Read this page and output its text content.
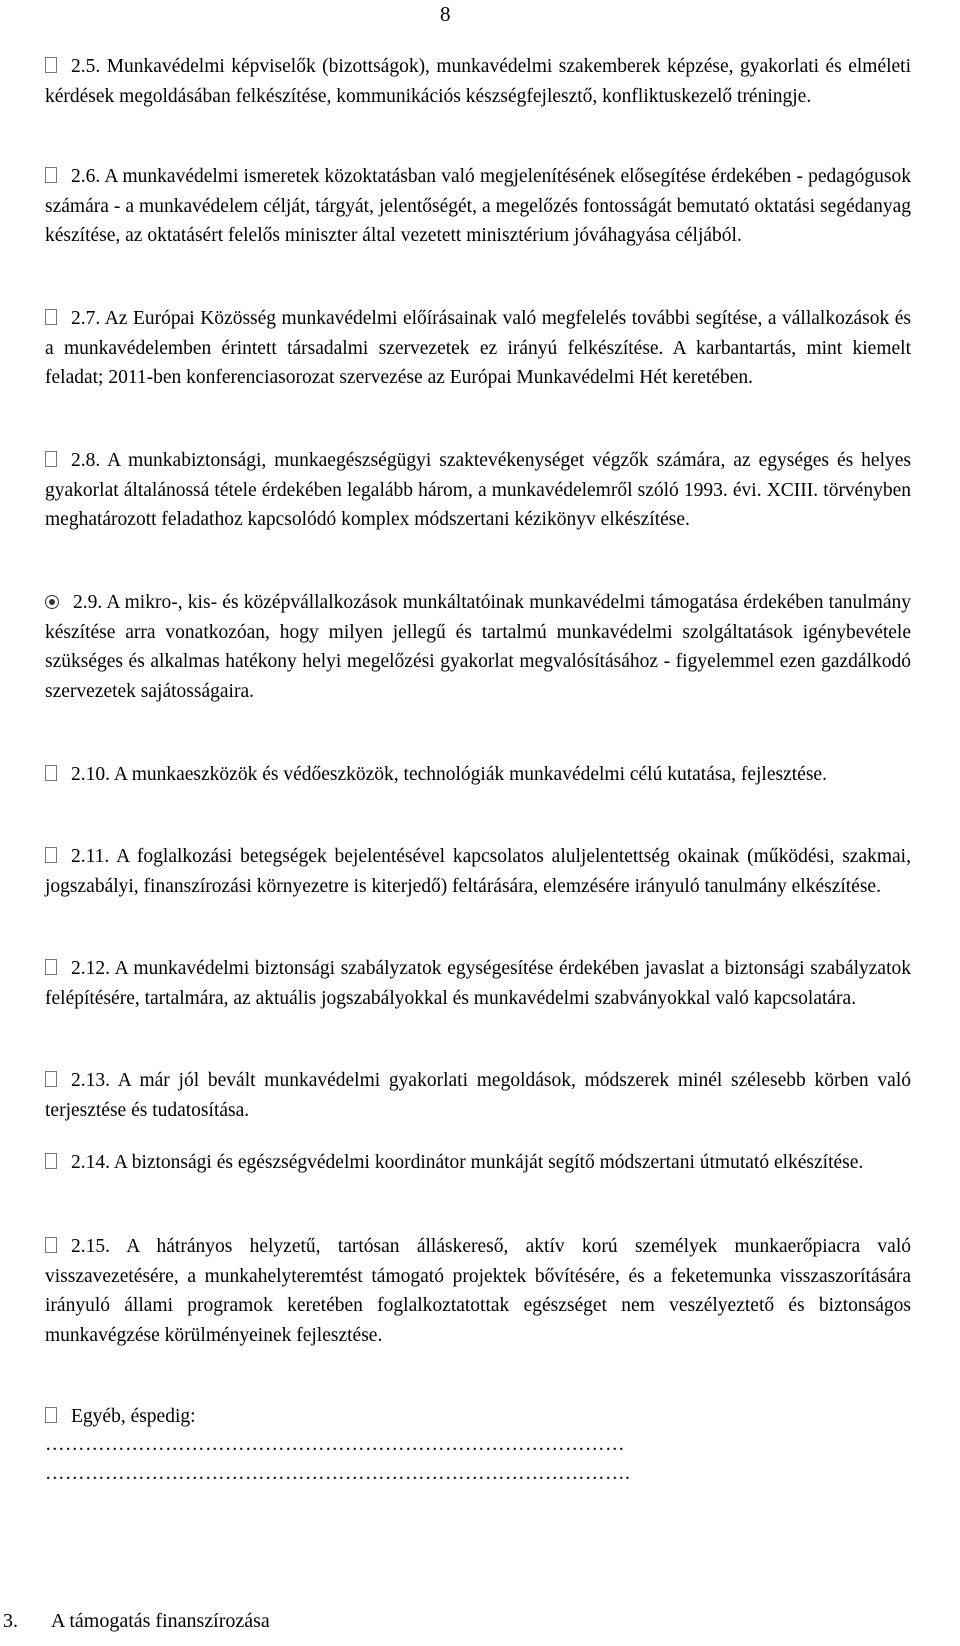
8

2.5. Munkavédelmi képviselők (bizottságok), munkavédelmi szakemberek képzése, gyakorlati és elméleti kérdések megoldásában felkészítése, kommunikációs készségfejlesztő, konfliktuskezelő tréningje.

2.6. A munkavédelmi ismeretek közoktatásban való megjelenítésének elősegítése érdekében - pedagógusok számára - a munkavédelem célját, tárgyát, jelentőségét, a megelőzés fontosságát bemutató oktatási segédanyag készítése, az oktatásért felelős miniszter által vezetett minisztérium jóváhagyása céljából.

2.7. Az Európai Közösség munkavédelmi előírásainak való megfelelés további segítése, a vállalkozások és a munkavédelemben érintett társadalmi szervezetek ez irányú felkészítése. A karbantartás, mint kiemelt feladat; 2011-ben konferenciasorozat szervezése az Európai Munkavédelmi Hét keretében.

2.8. A munkabiztonsági, munkaegészségügyi szaktevékenységet végzők számára, az egységes és helyes gyakorlat általánossá tétele érdekében legalább három, a munkavédelemről szóló 1993. évi. XCIII. törvényben meghatározott feladathoz kapcsolódó komplex módszertani kézikönyv elkészítése.

2.9. A mikro-, kis- és középvállalkozások munkáltatóinak munkavédelmi támogatása érdekében tanulmány készítése arra vonatkozóan, hogy milyen jellegű és tartalmú munkavédelmi szolgáltatások igénybevétele szükséges és alkalmas hatékony helyi megelőzési gyakorlat megvalósításához - figyelemmel ezen gazdálkodó szervezetek sajátosságaira.

2.10. A munkaeszközök és védőeszközök, technológiák munkavédelmi célú kutatása, fejlesztése.

2.11. A foglalkozási betegségek bejelentésével kapcsolatos aluljelentettség okainak (működési, szakmai, jogszabályi, finanszírozási környezetre is kiterjedő) feltárására, elemzésére irányuló tanulmány elkészítése.

2.12. A munkavédelmi biztonsági szabályzatok egységesítése érdekében javaslat a biztonsági szabályzatok felépítésére, tartalmára, az aktuális jogszabályokkal és munkavédelmi szabványokkal való kapcsolatára.

2.13. A már jól bevált munkavédelmi gyakorlati megoldások, módszerek minél szélesebb körben való terjesztése és tudatosítása.

2.14. A biztonsági és egészségvédelmi koordinátor munkáját segítő módszertani útmutató elkészítése.

2.15. A hátrányos helyzetű, tartósan álláskereső, aktív korú személyek munkaerőpiacra való visszavezetésére, a munkahelyteremtést támogató projektek bővítésére, és a feketemunka visszaszorítására irányuló állami programok keretében foglalkoztatottak egészséget nem veszélyeztető és biztonságos munkavégzése körülményeinek fejlesztése.

Egyéb, éspedig:

……………………………………………………………………………
…………………………………………………………………………….
3. A támogatás finanszírozása
